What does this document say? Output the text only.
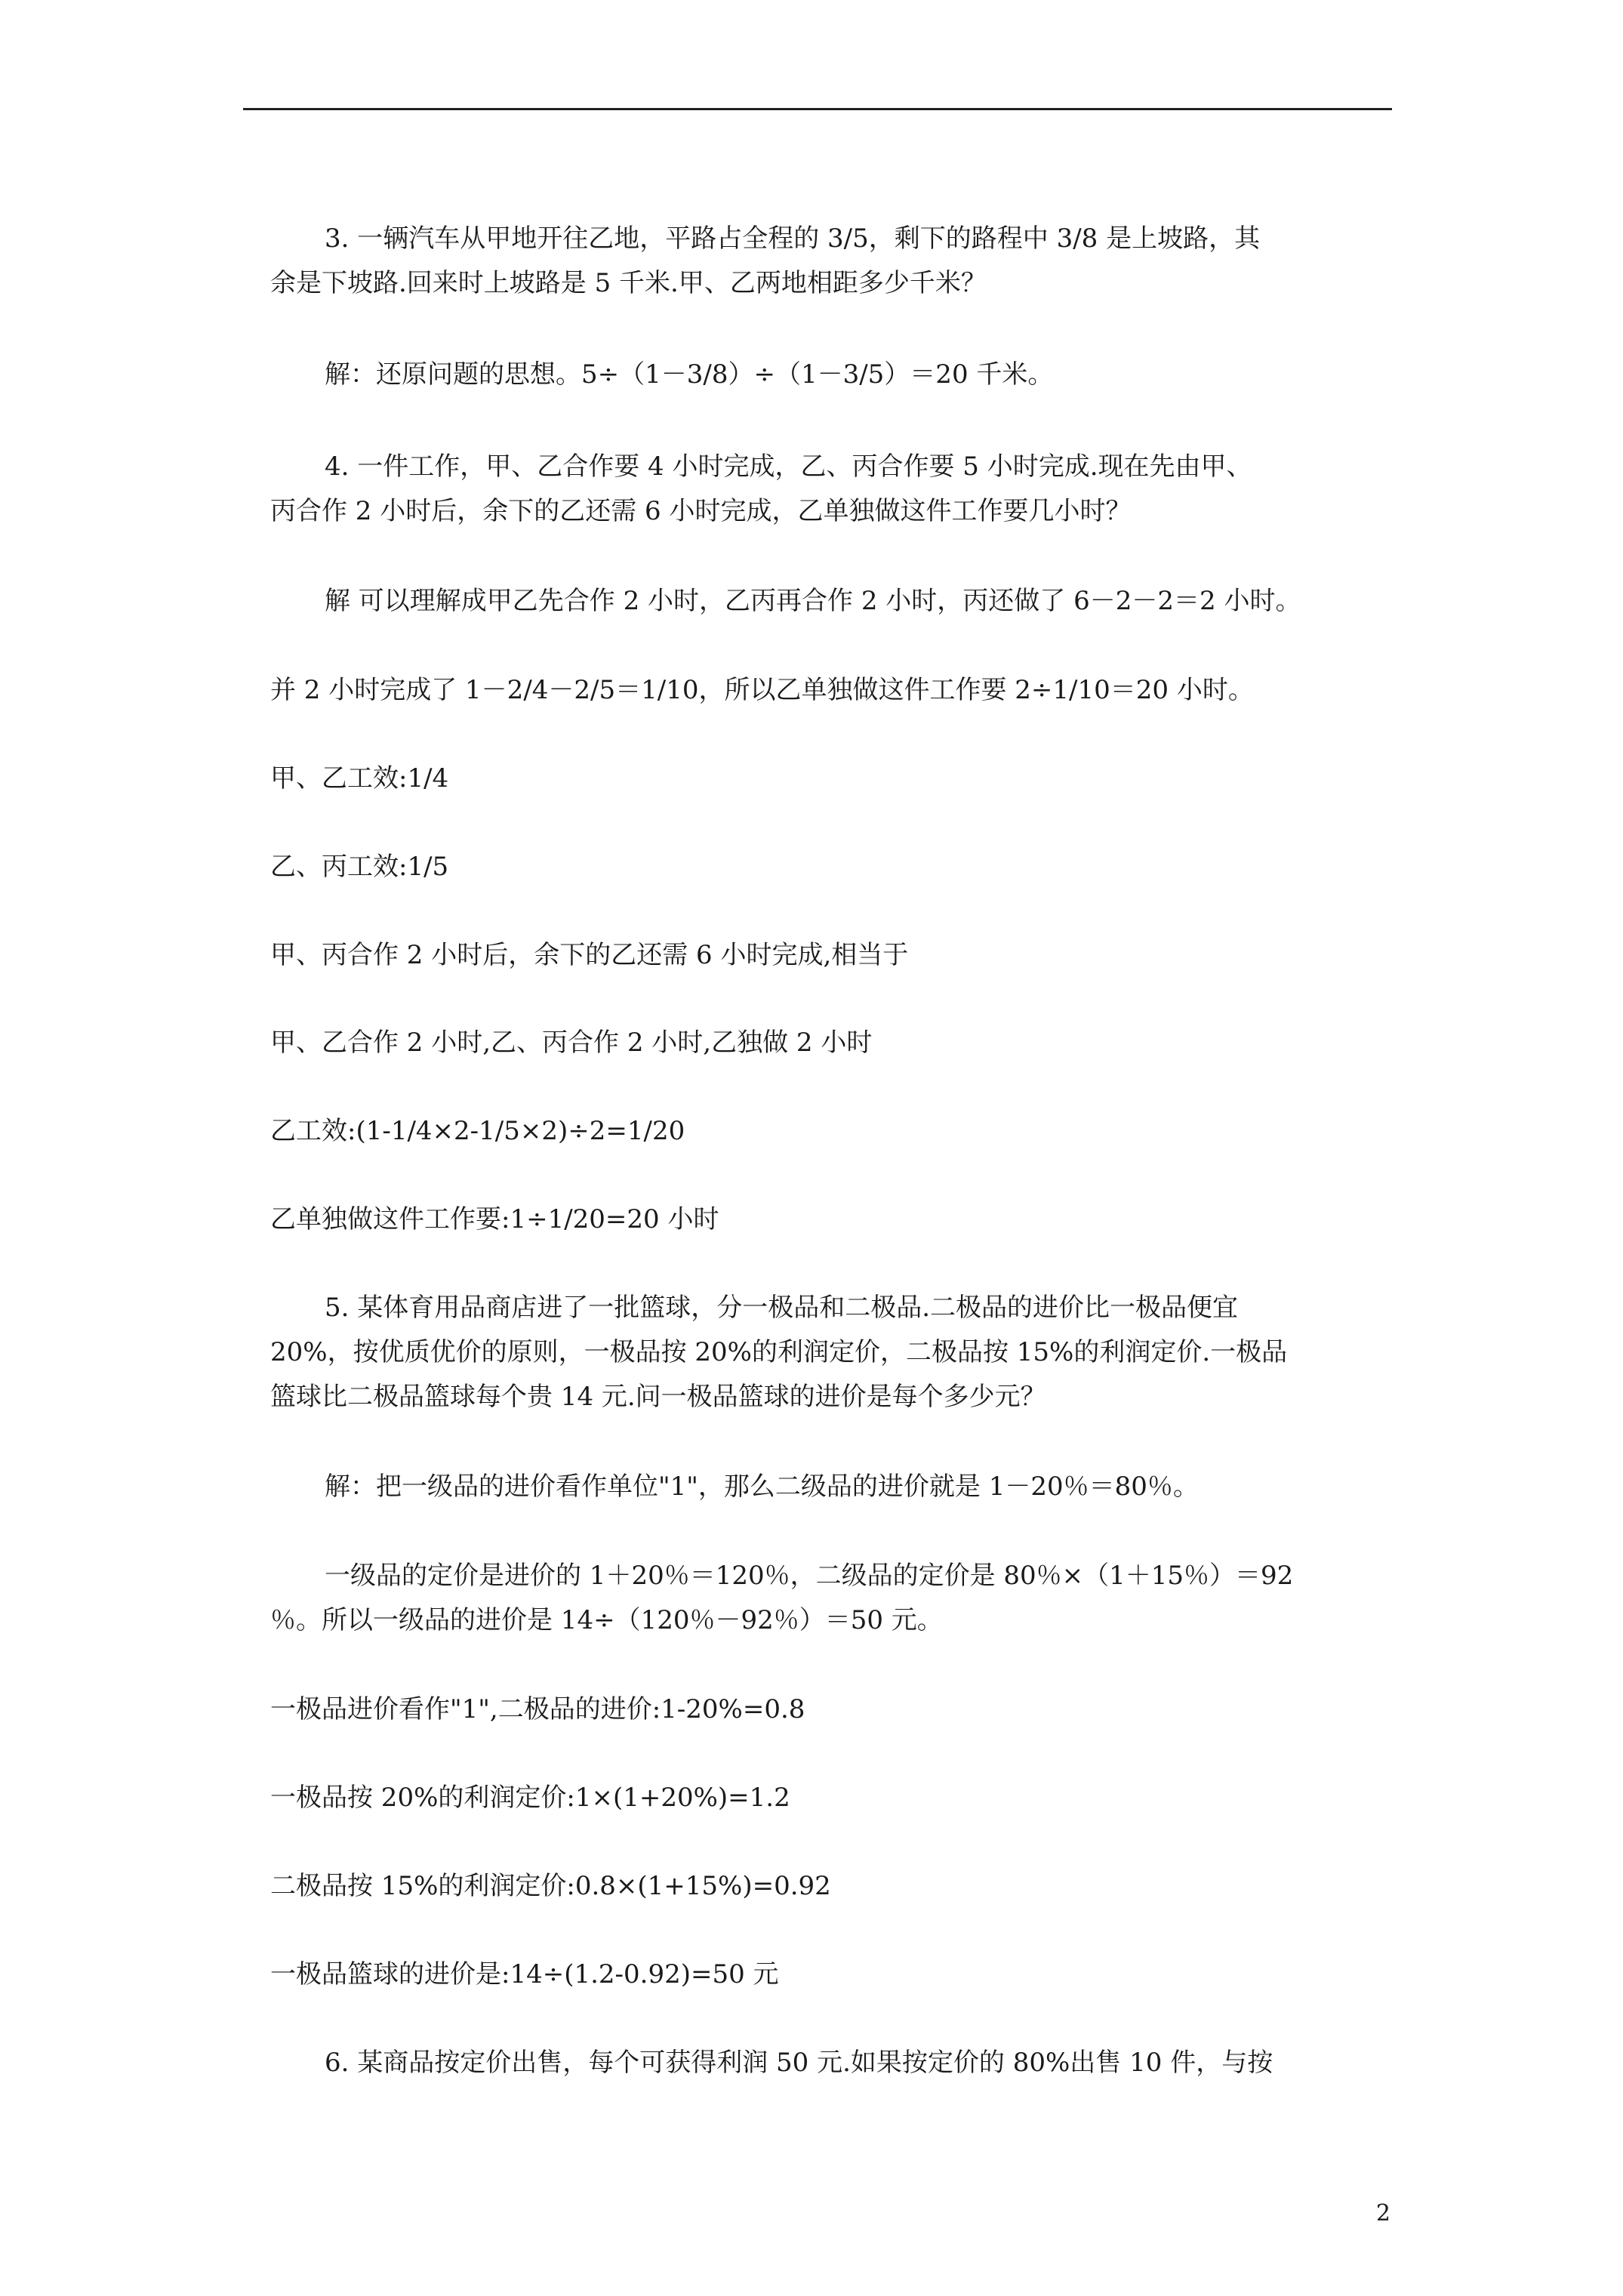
3. 一辆汽车从甲地开往乙地，平路占全程的 3/5，剩下的路程中 3/8 是上坡路，其
余是下坡路.回来时上坡路是 5 千米.甲、乙两地相距多少千米？
解：还原问题的思想。5÷（1－3/8）÷（1－3/5）＝20 千米。
4. 一件工作，甲、乙合作要 4 小时完成，乙、丙合作要 5 小时完成.现在先由甲、
丙合作 2 小时后，余下的乙还需 6 小时完成，乙单独做这件工作要几小时？
解 可以理解成甲乙先合作 2 小时，乙丙再合作 2 小时，丙还做了 6－2－2＝2 小时。
并 2 小时完成了 1－2/4－2/5＝1/10，所以乙单独做这件工作要 2÷1/10＝20 小时。
甲、乙工效:1/4
乙、丙工效:1/5
甲、丙合作 2 小时后，余下的乙还需 6 小时完成,相当于
甲、乙合作 2 小时,乙、丙合作 2 小时,乙独做 2 小时
乙工效:(1-1/4×2-1/5×2)÷2=1/20
乙单独做这件工作要:1÷1/20=20 小时
5. 某体育用品商店进了一批篮球，分一极品和二极品.二极品的进价比一极品便宜
20%，按优质优价的原则，一极品按 20%的利润定价，二极品按 15%的利润定价.一极品
篮球比二极品篮球每个贵 14 元.问一极品篮球的进价是每个多少元？
解：把一级品的进价看作单位"1"，那么二级品的进价就是 1－20％＝80％。
一级品的定价是进价的 1＋20％＝120％，二级品的定价是 80％×（1＋15％）＝92
％。所以一级品的进价是 14÷（120％－92％）＝50 元。
一极品进价看作"1",二极品的进价:1-20%=0.8
一极品按 20%的利润定价:1×(1+20%)=1.2
二极品按 15%的利润定价:0.8×(1+15%)=0.92
一极品篮球的进价是:14÷(1.2-0.92)=50 元
6. 某商品按定价出售，每个可获得利润 50 元.如果按定价的 80%出售 10 件，与按
2
